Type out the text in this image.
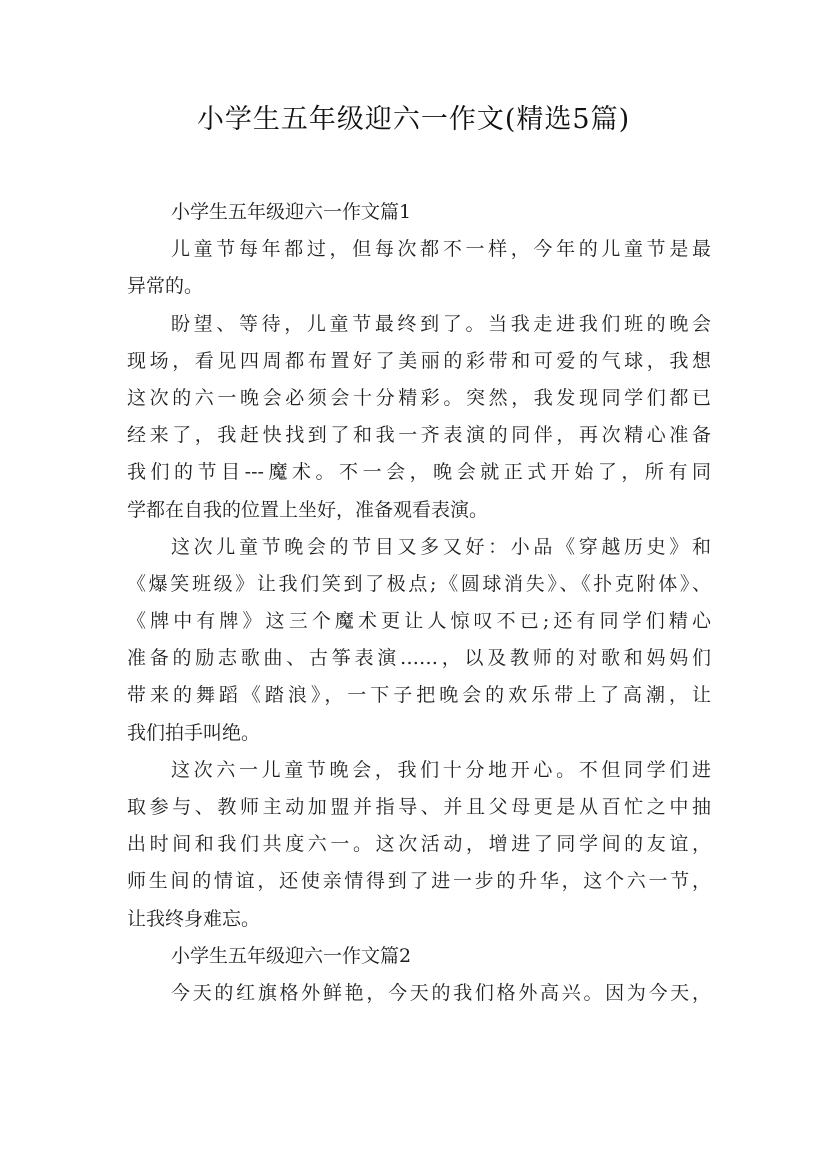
小学生五年级迎六一作文(精选5篇)
小学生五年级迎六一作文篇1
儿童节每年都过，但每次都不一样，今年的儿童节是最
异常的。
盼望、等待，儿童节最终到了。当我走进我们班的晚会
现场，看见四周都布置好了美丽的彩带和可爱的气球，我想
这次的六一晚会必须会十分精彩。突然，我发现同学们都已
经来了，我赶快找到了和我一齐表演的同伴，再次精心准备
我们的节目---魔术。不一会，晚会就正式开始了，所有同
学都在自我的位置上坐好，准备观看表演。
这次儿童节晚会的节目又多又好：小品《穿越历史》和
《爆笑班级》让我们笑到了极点;《圆球消失》、《扑克附体》、
《牌中有牌》这三个魔术更让人惊叹不已;还有同学们精心
准备的励志歌曲、古筝表演……，以及教师的对歌和妈妈们
带来的舞蹈《踏浪》，一下子把晚会的欢乐带上了高潮，让
我们拍手叫绝。
这次六一儿童节晚会，我们十分地开心。不但同学们进
取参与、教师主动加盟并指导、并且父母更是从百忙之中抽
出时间和我们共度六一。这次活动，增进了同学间的友谊，
师生间的情谊，还使亲情得到了进一步的升华，这个六一节，
让我终身难忘。
小学生五年级迎六一作文篇2
今天的红旗格外鲜艳，今天的我们格外高兴。因为今天，
